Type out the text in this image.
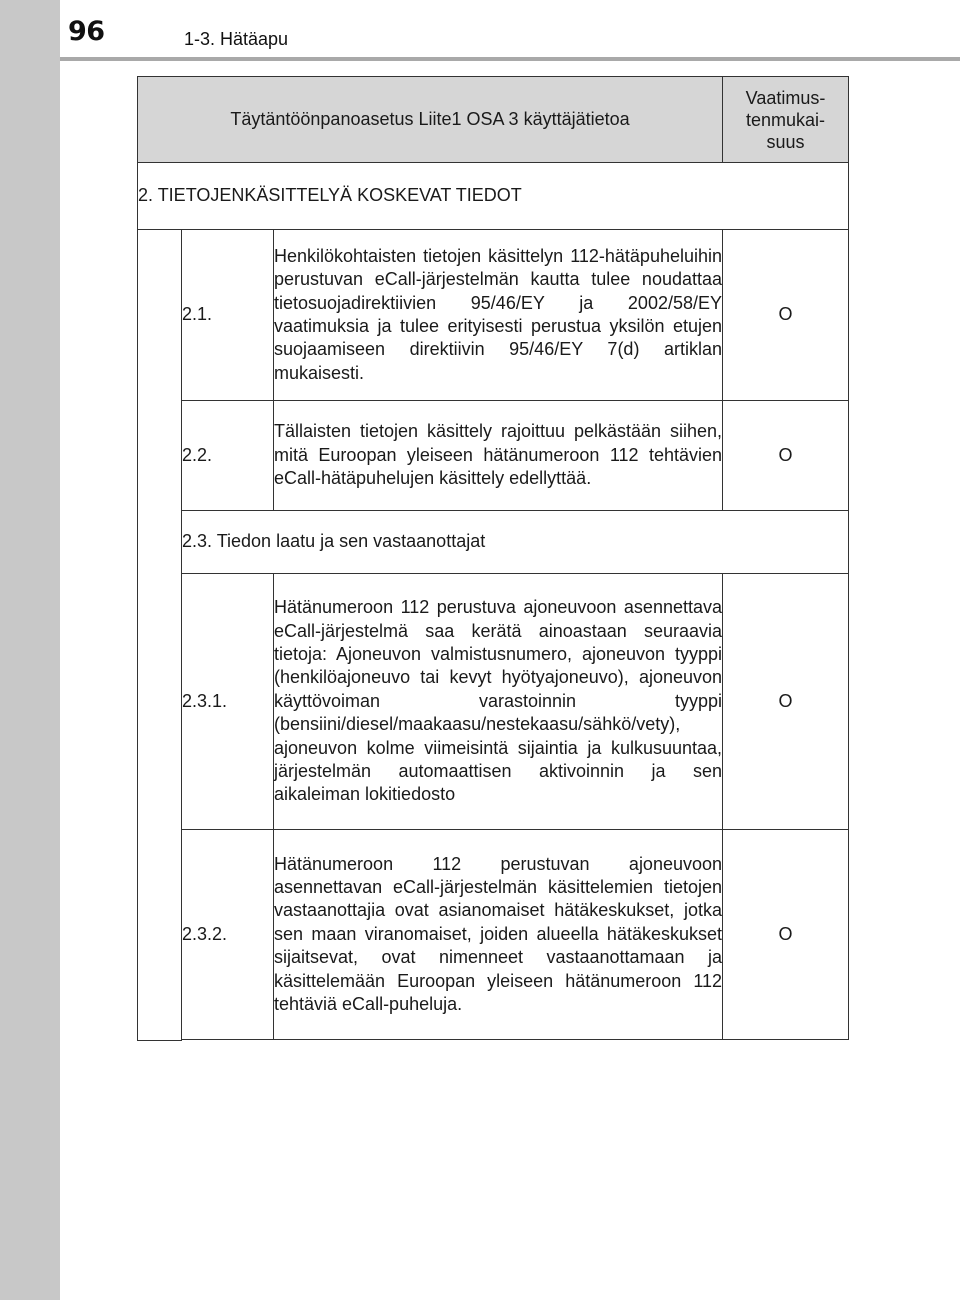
96	1-3. Hätäapu
Täytäntöönpanoasetus Liite1 OSA 3 käyttäjätietoa			Vaatimus-
tenmukai-
suus
2. TIETOJENKÄSITTELYÄ KOSKEVAT TIEDOT			
	2.1.	Henkilökohtaisten tietojen käsittelyn 112-hätäpuheluihin perustuvan eCall-järjestelmän kautta tulee noudattaa tietosuojadirektiivien 95/46/EY ja 2002/58/EY vaatimuksia ja tulee erityisesti perustua yksilön etujen suojaamiseen direktiivin 95/46/EY 7(d) artiklan mukaisesti.	O
	2.2.	Tällaisten tietojen käsittely rajoittuu pelkästään siihen, mitä Euroopan yleiseen hätänumeroon 112 tehtävien eCall-hätäpuhelujen käsittely edellyttää.	O
	2.3. Tiedon laatu ja sen vastaanottajat		
	2.3.1.	Hätänumeroon 112 perustuva ajoneuvoon asennettava eCall-järjestelmä saa kerätä ainoastaan seuraavia tietoja: Ajoneuvon valmistusnumero, ajoneuvon tyyppi (henkilöajoneuvo tai kevyt hyötyajoneuvo), ajoneuvon käyttövoiman varastoinnin tyyppi (bensiini/diesel/maakaasu/nestekaasu/sähkö/vety), ajoneuvon kolme viimeisintä sijaintia ja kulkusuuntaa, järjestelmän automaattisen aktivoinnin ja sen aikaleiman lokitiedosto	O
	2.3.2.	Hätänumeroon 112 perustuvan ajoneuvoon asennettavan eCall-järjestelmän käsittelemien tietojen vastaanottajia ovat asianomaiset hätäkeskukset, jotka sen maan viranomaiset, joiden alueella hätäkeskukset sijaitsevat, ovat nimenneet vastaanottamaan ja käsittelemään Euroopan yleiseen hätänumeroon 112 tehtäviä eCall-puheluja.	O
